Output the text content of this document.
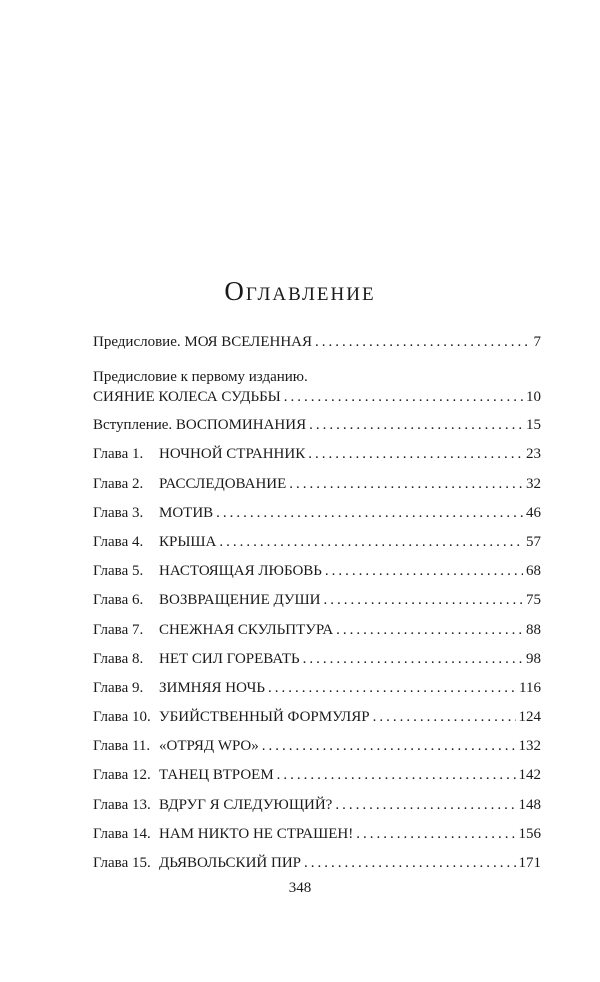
Оглавление
Предисловие. МОЯ ВСЕЛЕННАЯ .....	7
Предисловие к первому изданию.
СИЯНИЕ КОЛЕСА СУДЬБЫ .....	10
Вступление. ВОСПОМИНАНИЯ .....	15
Глава 1.	НОЧНОЙ СТРАННИК .....	23
Глава 2.	РАССЛЕДОВАНИЕ .....	32
Глава 3.	МОТИВ .....	46
Глава 4.	КРЫША .....	57
Глава 5.	НАСТОЯЩАЯ ЛЮБОВЬ .....	68
Глава 6.	ВОЗВРАЩЕНИЕ ДУШИ .....	75
Глава 7.	СНЕЖНАЯ СКУЛЬПТУРА .....	88
Глава 8.	НЕТ СИЛ ГОРЕВАТЬ .....	98
Глава 9.	ЗИМНЯЯ НОЧЬ .....	116
Глава 10. УБИЙСТВЕННЫЙ ФОРМУЛЯР .....	124
Глава 11. «ОТРЯД WPO» .....	132
Глава 12. ТАНЕЦ ВТРОЕМ .....	142
Глава 13. ВДРУГ Я СЛЕДУЮЩИЙ? .....	148
Глава 14. НАМ НИКТО НЕ СТРАШЕН! .....	156
Глава 15. ДЬЯВОЛЬСКИЙ ПИР .....	171
348
